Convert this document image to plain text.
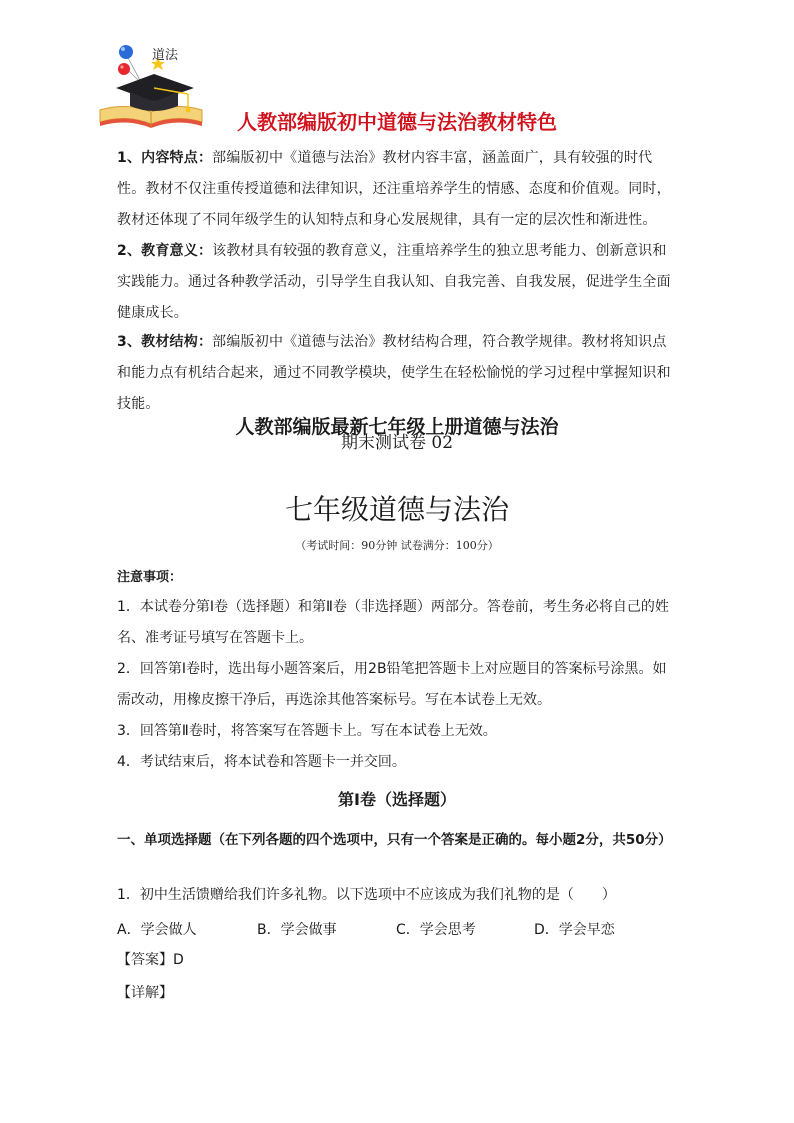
道法
人教部编版初中道德与法治教材特色
1、内容特点：部编版初中《道德与法治》教材内容丰富，涵盖面广，具有较强的时代性。教材不仅注重传授道德和法律知识，还注重培养学生的情感、态度和价值观。同时，教材还体现了不同年级学生的认知特点和身心发展规律，具有一定的层次性和渐进性。
2、教育意义：该教材具有较强的教育意义，注重培养学生的独立思考能力、创新意识和实践能力。通过各种教学活动，引导学生自我认知、自我完善、自我发展，促进学生全面健康成长。
3、教材结构：部编版初中《道德与法治》教材结构合理，符合教学规律。教材将知识点和能力点有机结合起来，通过不同教学模块，使学生在轻松愉悦的学习过程中掌握知识和技能。
人教部编版最新七年级上册道德与法治
期末测试卷 02
七年级道德与法治
（考试时间：90分钟 试卷满分：100分）
注意事项：
1．本试卷分第Ⅰ卷（选择题）和第Ⅱ卷（非选择题）两部分。答卷前，考生务必将自己的姓名、准考证号填写在答题卡上。
2．回答第Ⅰ卷时，选出每小题答案后，用2B铅笔把答题卡上对应题目的答案标号涂黑。如需改动，用橡皮擦干净后，再选涂其他答案标号。写在本试卷上无效。
3．回答第Ⅱ卷时，将答案写在答题卡上。写在本试卷上无效。
4．考试结束后，将本试卷和答题卡一并交回。
第Ⅰ卷（选择题）
一、单项选择题（在下列各题的四个选项中，只有一个答案是正确的。每小题2分，共50分）
1．初中生活馈赠给我们许多礼物。以下选项中不应该成为我们礼物的是（　　）
A．学会做人	B．学会做事	C．学会思考	D．学会早恋
【答案】D
【详解】
